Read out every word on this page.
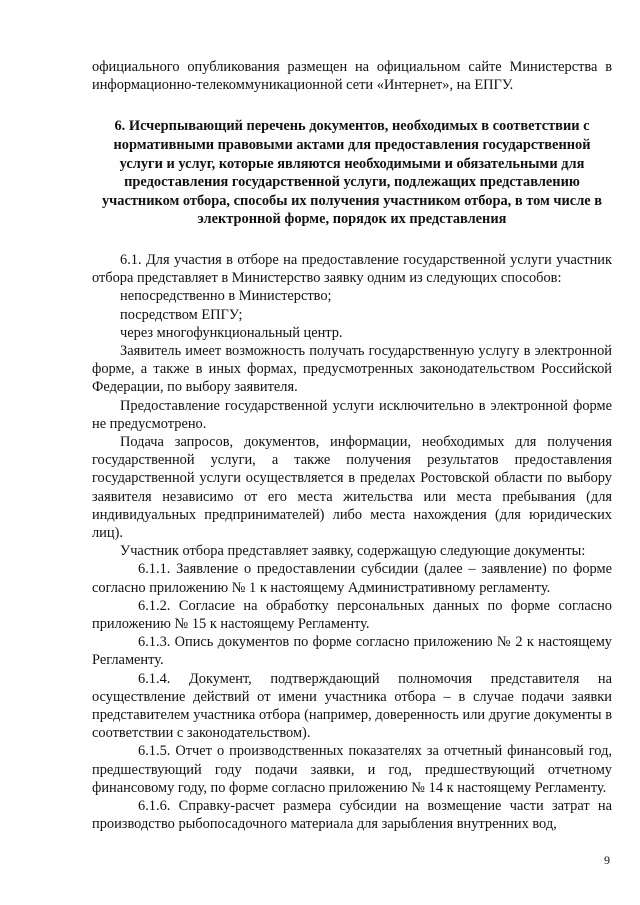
официального опубликования размещен на официальном сайте Министерства в информационно-телекоммуникационной сети «Интернет», на ЕПГУ.

6. Исчерпывающий перечень документов, необходимых в соответствии с нормативными правовыми актами для предоставления государственной услуги и услуг, которые являются необходимыми и обязательными для предоставления государственной услуги, подлежащих представлению участником отбора, способы их получения участником отбора, в том числе в электронной форме, порядок их представления

6.1. Для участия в отборе на предоставление государственной услуги участник отбора представляет в Министерство заявку одним из следующих способов:

непосредственно в Министерство;

посредством ЕПГУ;

через многофункциональный центр.

Заявитель имеет возможность получать государственную услугу в электронной форме, а также в иных формах, предусмотренных законодательством Российской Федерации, по выбору заявителя.

Предоставление государственной услуги исключительно в электронной форме не предусмотрено.

Подача запросов, документов, информации, необходимых для получения государственной услуги, а также получения результатов предоставления государственной услуги осуществляется в пределах Ростовской области по выбору заявителя независимо от его места жительства или места пребывания (для индивидуальных предпринимателей) либо места нахождения (для юридических лиц).

Участник отбора представляет заявку, содержащую следующие документы:

6.1.1. Заявление о предоставлении субсидии (далее – заявление) по форме согласно приложению № 1 к настоящему Административному регламенту.

6.1.2. Согласие на обработку персональных данных по форме согласно приложению № 15 к настоящему Регламенту.

6.1.3. Опись документов по форме согласно приложению № 2 к настоящему Регламенту.

6.1.4. Документ, подтверждающий полномочия представителя на осуществление действий от имени участника отбора – в случае подачи заявки представителем участника отбора (например, доверенность или другие документы в соответствии с законодательством).

6.1.5. Отчет о производственных показателях за отчетный финансовый год, предшествующий году подачи заявки, и год, предшествующий отчетному финансовому году, по форме согласно приложению № 14 к настоящему Регламенту.

6.1.6. Справку-расчет размера субсидии на возмещение части затрат на производство рыбопосадочного материала для зарыбления внутренних вод,

9
